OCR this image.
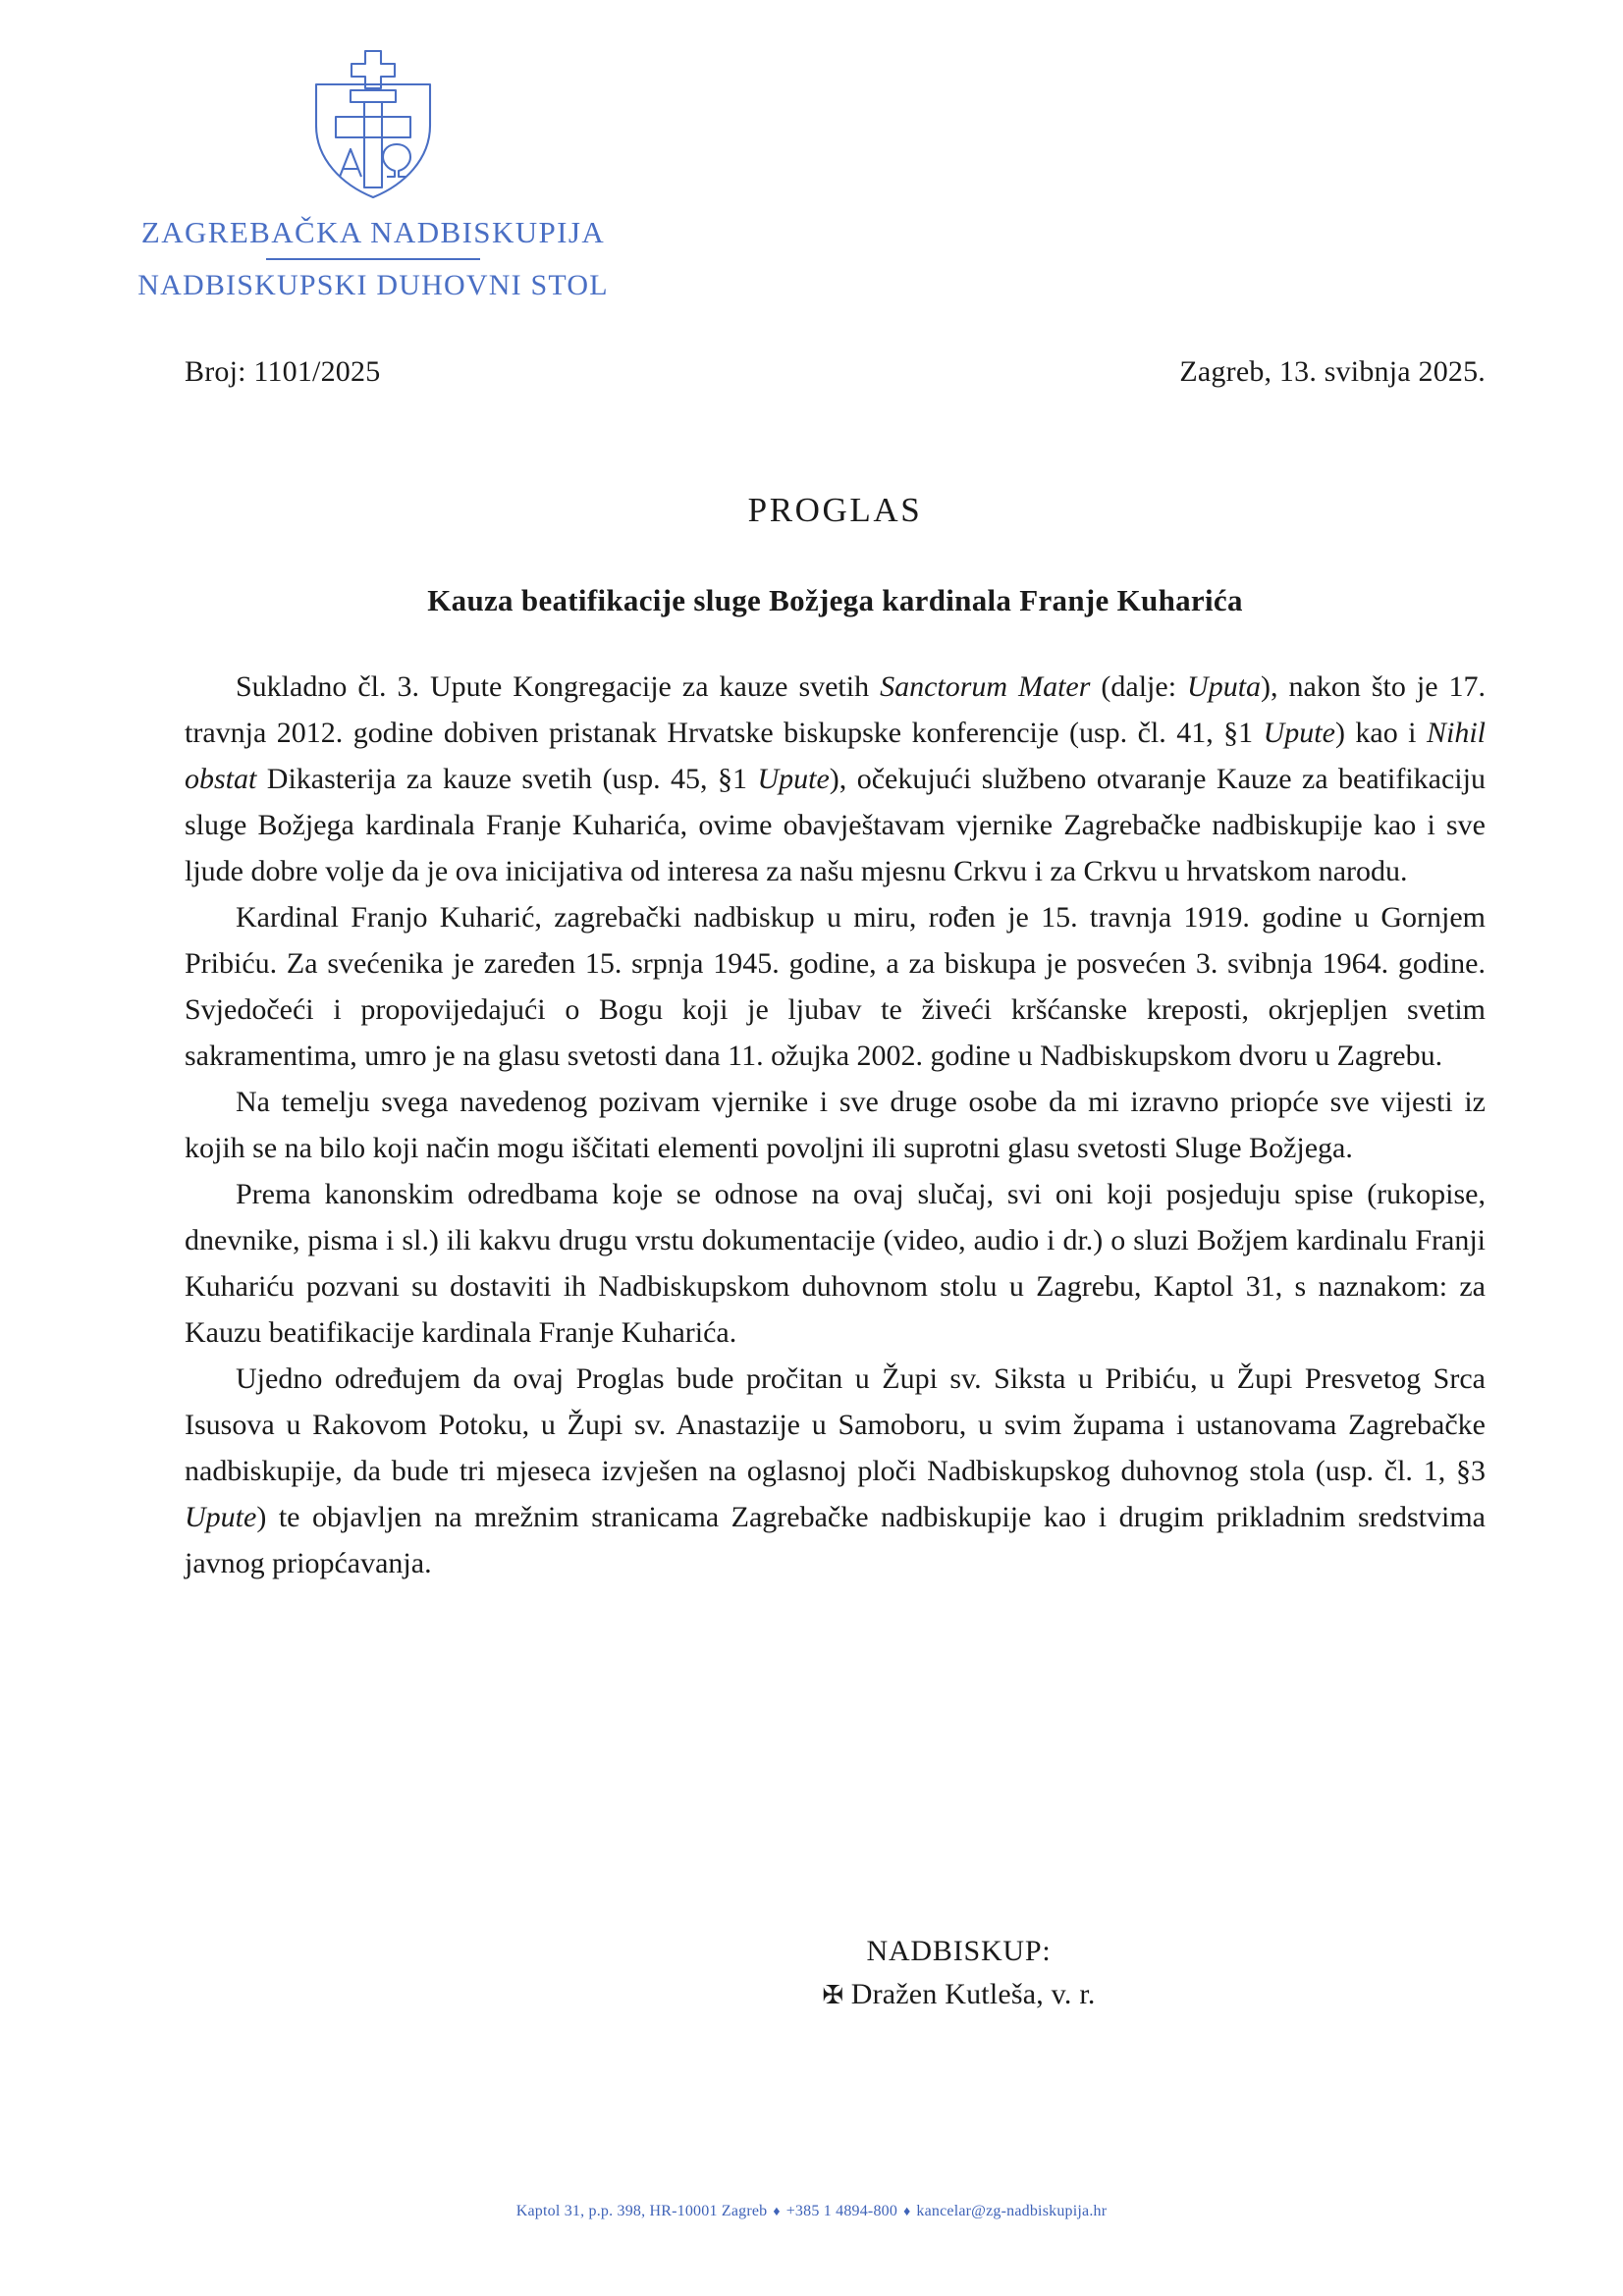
ZAGREBAČKA NADBISKUPIJA
NADBISKUPSKI DUHOVNI STOL
Broj: 1101/2025	Zagreb, 13. svibnja 2025.
PROGLAS
Kauza beatifikacije sluge Božjega kardinala Franje Kuharića

Sukladno čl. 3. Upute Kongregacije za kauze svetih Sanctorum Mater (dalje: Uputa), nakon što je 17. travnja 2012. godine dobiven pristanak Hrvatske biskupske konferencije (usp. čl. 41, §1 Upute) kao i Nihil obstat Dikasterija za kauze svetih (usp. 45, §1 Upute), očekujući službeno otvaranje Kauze za beatifikaciju sluge Božjega kardinala Franje Kuharića, ovime obavještavam vjernike Zagrebačke nadbiskupije kao i sve ljude dobre volje da je ova inicijativa od interesa za našu mjesnu Crkvu i za Crkvu u hrvatskom narodu.

Kardinal Franjo Kuharić, zagrebački nadbiskup u miru, rođen je 15. travnja 1919. godine u Gornjem Pribiću. Za svećenika je zaređen 15. srpnja 1945. godine, a za biskupa je posvećen 3. svibnja 1964. godine. Svjedočeći i propovijedajući o Bogu koji je ljubav te živeći kršćanske kreposti, okrjepljen svetim sakramentima, umro je na glasu svetosti dana 11. ožujka 2002. godine u Nadbiskupskom dvoru u Zagrebu.

Na temelju svega navedenog pozivam vjernike i sve druge osobe da mi izravno priopće sve vijesti iz kojih se na bilo koji način mogu iščitati elementi povoljni ili suprotni glasu svetosti Sluge Božjega.

Prema kanonskim odredbama koje se odnose na ovaj slučaj, svi oni koji posjeduju spise (rukopise, dnevnike, pisma i sl.) ili kakvu drugu vrstu dokumentacije (video, audio i dr.) o sluzi Božjem kardinalu Franji Kuhariću pozvani su dostaviti ih Nadbiskupskom duhovnom stolu u Zagrebu, Kaptol 31, s naznakom: za Kauzu beatifikacije kardinala Franje Kuharića.

Ujedno određujem da ovaj Proglas bude pročitan u Župi sv. Siksta u Pribiću, u Župi Presvetog Srca Isusova u Rakovom Potoku, u Župi sv. Anastazije u Samoboru, u svim župama i ustanovama Zagrebačke nadbiskupije, da bude tri mjeseca izvješen na oglasnoj ploči Nadbiskupskog duhovnog stola (usp. čl. 1, §3 Upute) te objavljen na mrežnim stranicama Zagrebačke nadbiskupije kao i drugim prikladnim sredstvima javnog priopćavanja.

NADBISKUP:
✠ Dražen Kutleša, v. r.
Kaptol 31, p.p. 398, HR-10001 Zagreb ♦ +385 1 4894-800 ♦ kancelar@zg-nadbiskupija.hr
